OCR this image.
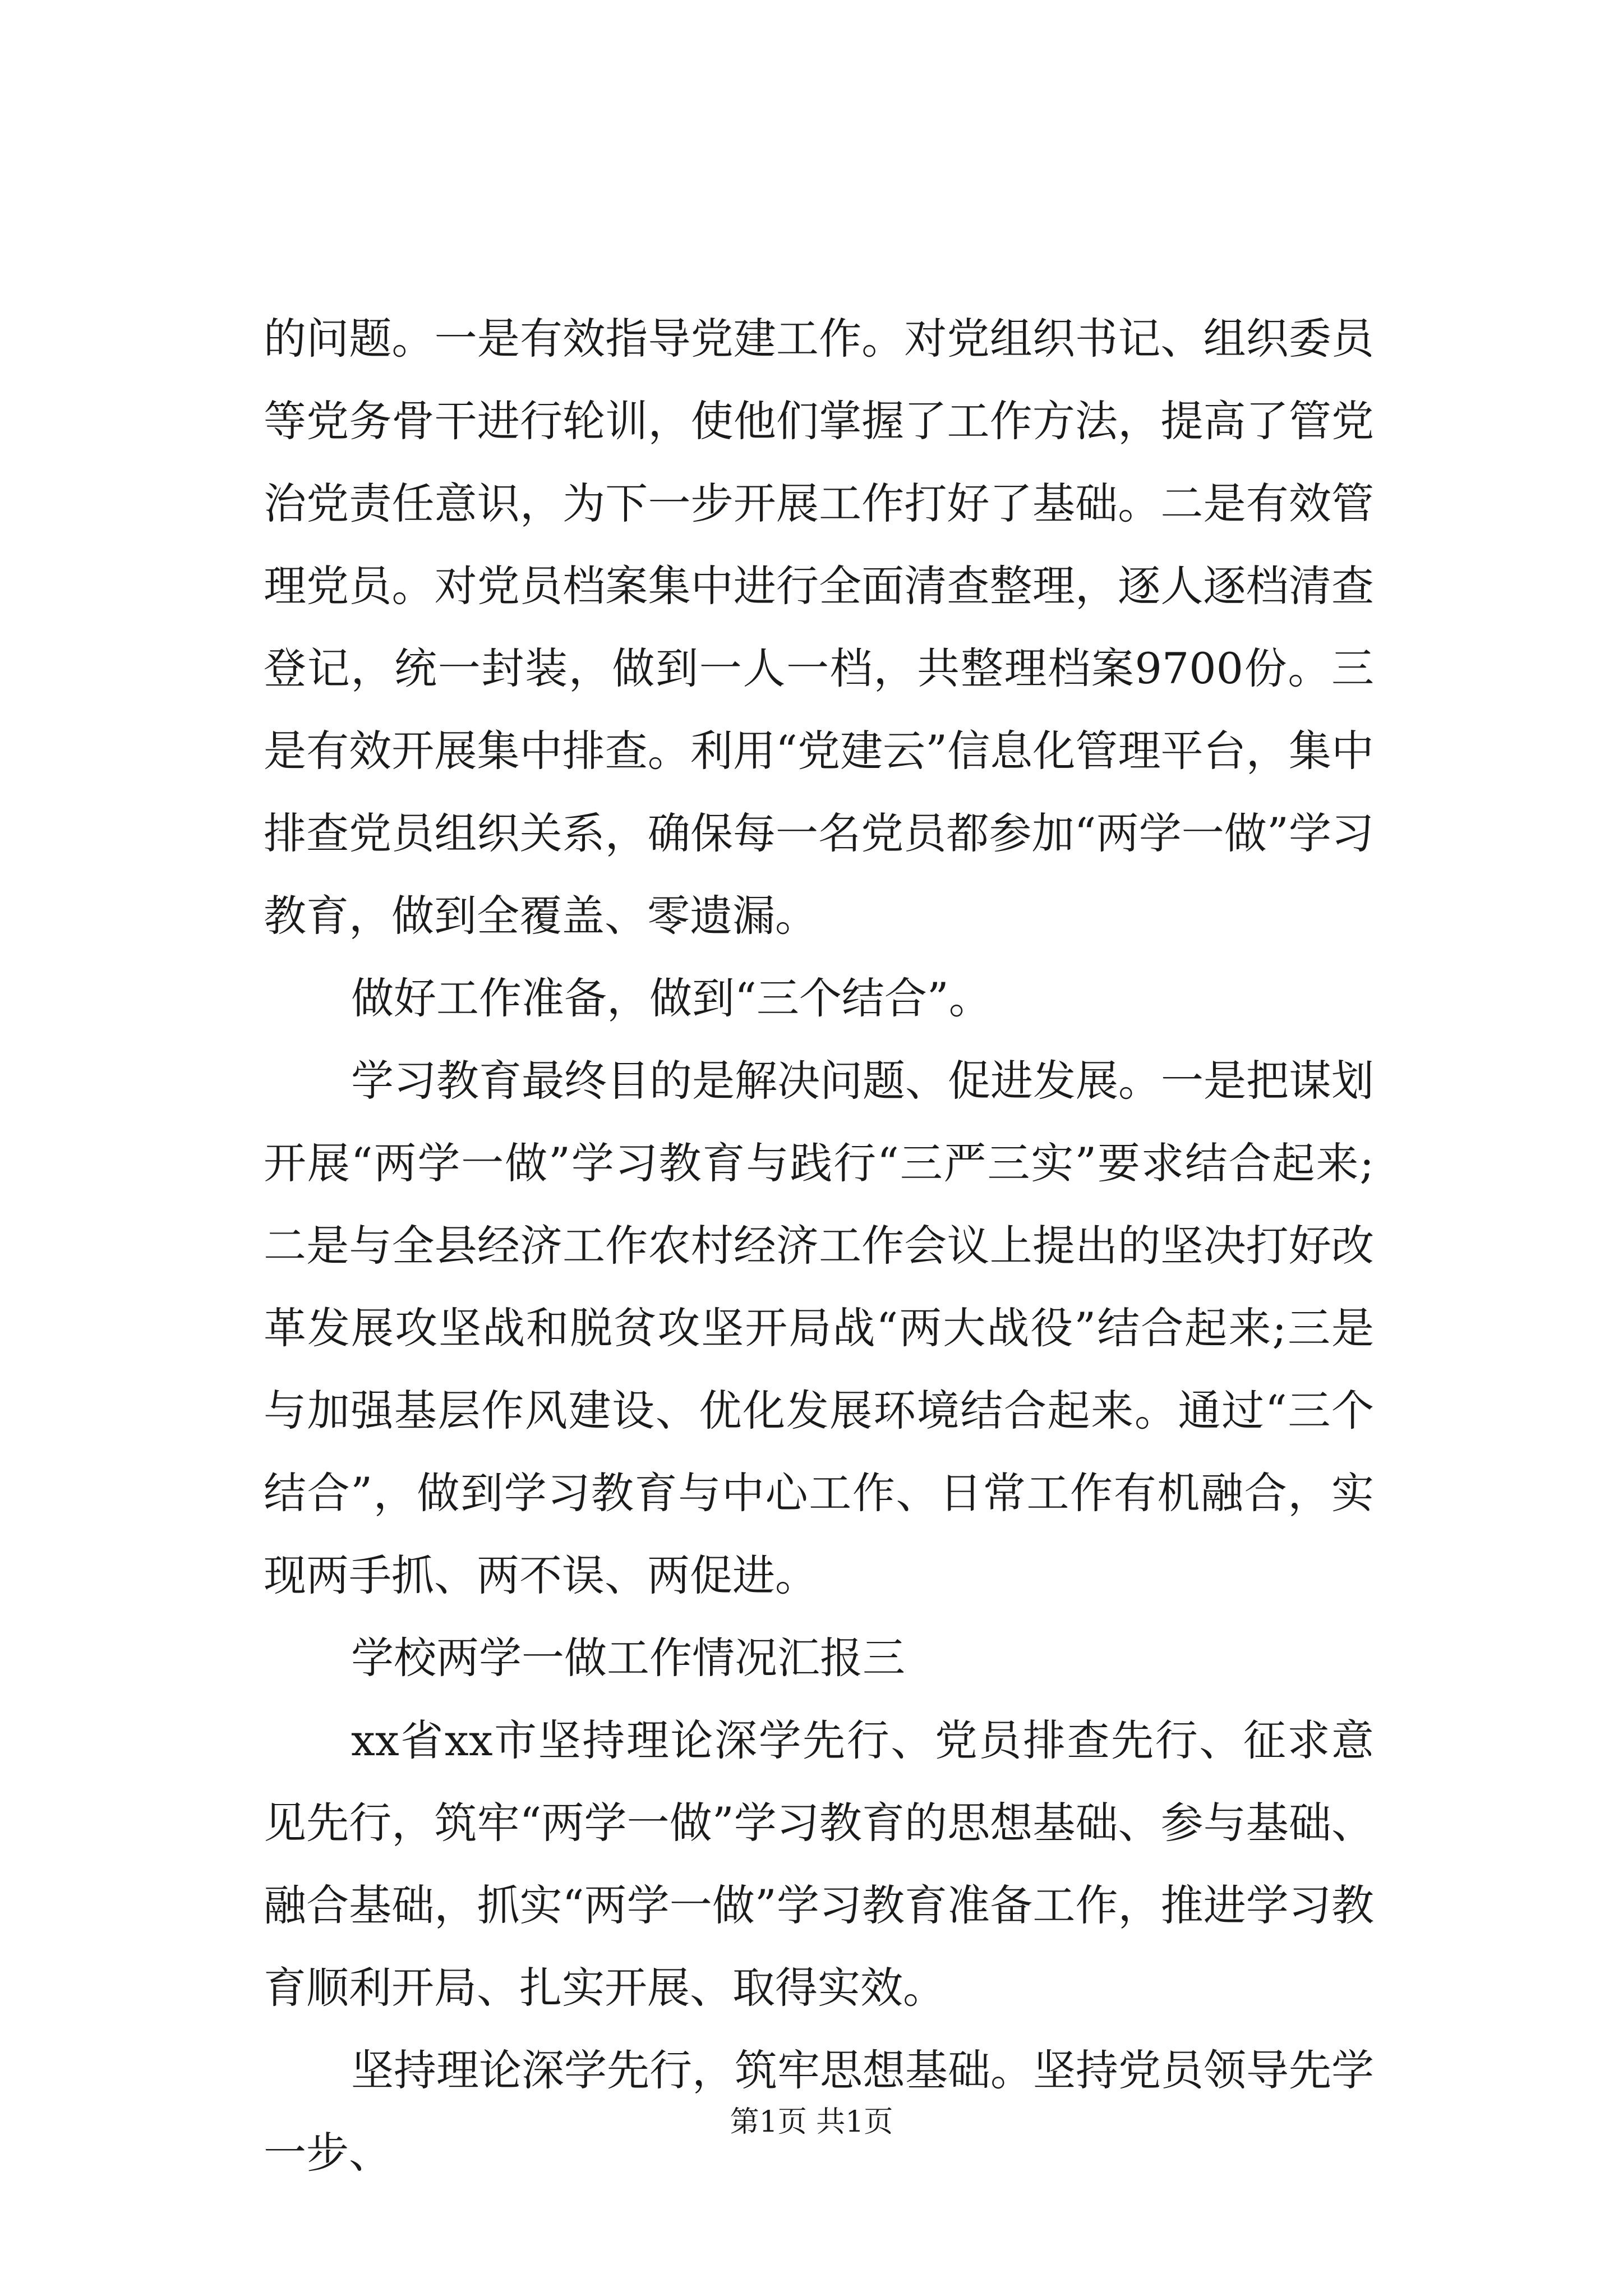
的问题。一是有效指导党建工作。对党组织书记、组织委员等党务骨干进行轮训，使他们掌握了工作方法，提高了管党治党责任意识，为下一步开展工作打好了基础。二是有效管理党员。对党员档案集中进行全面清查整理，逐人逐档清查登记，统一封装，做到一人一档，共整理档案9700份。三是有效开展集中排查。利用“党建云”信息化管理平台，集中排查党员组织关系，确保每一名党员都参加“两学一做”学习教育，做到全覆盖、零遗漏。

做好工作准备，做到“三个结合”。

学习教育最终目的是解决问题、促进发展。一是把谋划开展“两学一做”学习教育与践行“三严三实”要求结合起来;二是与全县经济工作农村经济工作会议上提出的坚决打好改革发展攻坚战和脱贫攻坚开局战“两大战役”结合起来;三是与加强基层作风建设、优化发展环境结合起来。通过“三个结合”，做到学习教育与中心工作、日常工作有机融合，实现两手抓、两不误、两促进。

学校两学一做工作情况汇报三

xx省xx市坚持理论深学先行、党员排查先行、征求意见先行，筑牢“两学一做”学习教育的思想基础、参与基础、融合基础，抓实“两学一做”学习教育准备工作，推进学习教育顺利开局、扎实开展、取得实效。

坚持理论深学先行，筑牢思想基础。坚持党员领导先学一步、

第1页 共1页
